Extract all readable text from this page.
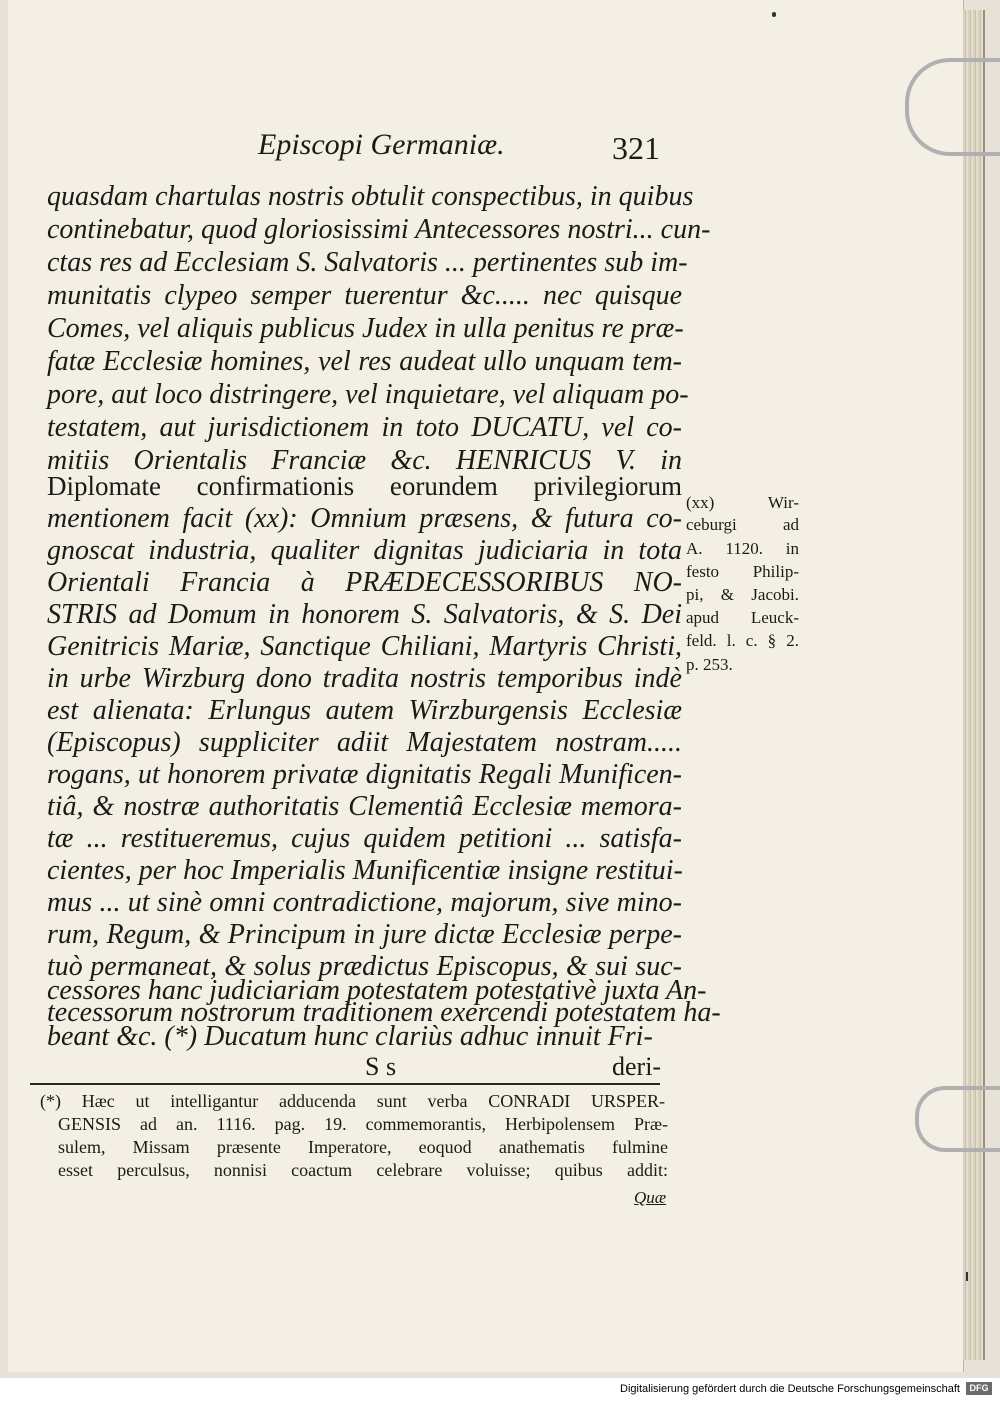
Episcopi Germaniæ.	321
quasdam chartulas nostris obtulit conspectibus, in quibus
continebatur, quod gloriosissimi Antecessores nostri... cun-
ctas res ad Ecclesiam S. Salvatoris ... pertinentes sub im-
munitatis clypeo semper tuerentur &c..... nec quisque
Comes, vel aliquis publicus Judex in ulla penitus re præ-
fatæ Ecclesiæ homines, vel res audeat ullo unquam tem-
pore, aut loco distringere, vel inquietare, vel aliquam po-
testatem, aut jurisdictionem in toto DUCATU, vel co-
mitiis Orientalis Franciæ &c. HENRICUS V. in
Diplomate confirmationis eorundem privilegiorum
mentionem facit (xx): Omnium præsens, & futura co-
gnoscat industria, qualiter dignitas judiciaria in tota
Orientali Francia à PRÆDECESSORIBUS NO-
STRIS ad Domum in honorem S. Salvatoris, & S. Dei
Genitricis Mariæ, Sanctique Chiliani, Martyris Christi,
in urbe Wirzburg dono tradita nostris temporibus indè
est alienata: Erlungus autem Wirzburgensis Ecclesiæ
(Episcopus) suppliciter adiit Majestatem nostram.....
rogans, ut honorem privatæ dignitatis Regali Munificen-
tiâ, & nostræ authoritatis Clementiâ Ecclesiæ memora-
tæ ... restitueremus, cujus quidem petitioni ... satisfa-
cientes, per hoc Imperialis Munificentiæ insigne restitui-
mus ... ut sinè omni contradictione, majorum, sive mino-
rum, Regum, & Principum in jure dictæ Ecclesiæ perpe-
tuò permaneat, & solus prædictus Episcopus, & sui suc-
cessores hanc judiciariam potestatem potestativè juxta An-
tecessorum nostrorum traditionem exercendi potestatem ha-
beant &c. (*) Ducatum hunc clariùs adhuc innuit Fri-
S s	deri-
(xx) Wir-
ceburgi ad
A. 1120. in
festo Philip-
pi, & Jacobi.
apud Leuck-
feld. l. c. § 2.
p. 253.
(*) Hæc ut intelligantur adducenda sunt verba CONRADI URSPER-
GENSIS ad an. 1116. pag. 19. commemorantis, Herbipolensem Præ-
sulem, Missam præsente Imperatore, eoquod anathematis fulmine
esset perculsus, nonnisi coactum celebrare voluisse; quibus addit:
Quæ
Digitalisierung gefördert durch die Deutsche Forschungsgemeinschaft	DFG
